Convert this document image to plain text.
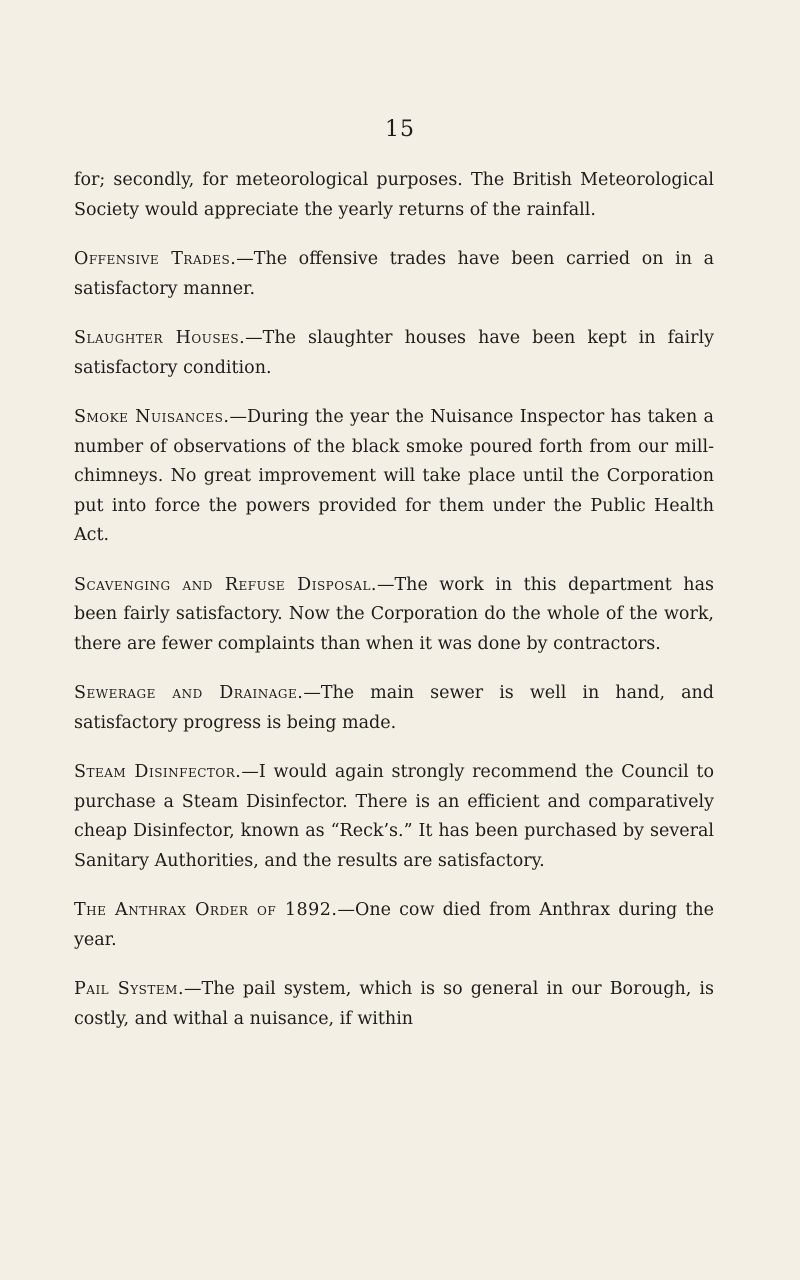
15

for; secondly, for meteorological purposes. The British Meteorological Society would appreciate the yearly returns of the rainfall.

Offensive Trades.—The offensive trades have been carried on in a satisfactory manner.

Slaughter Houses.—The slaughter houses have been kept in fairly satisfactory condition.

Smoke Nuisances.—During the year the Nuisance Inspector has taken a number of observations of the black smoke poured forth from our mill-chimneys. No great improvement will take place until the Corporation put into force the powers provided for them under the Public Health Act.

Scavenging and Refuse Disposal.—The work in this department has been fairly satisfactory. Now the Corporation do the whole of the work, there are fewer complaints than when it was done by contractors.

Sewerage and Drainage.—The main sewer is well in hand, and satisfactory progress is being made.

Steam Disinfector.—I would again strongly recommend the Council to purchase a Steam Disinfector. There is an efficient and comparatively cheap Disinfector, known as “Reck’s.” It has been purchased by several Sanitary Authorities, and the results are satisfactory.

The Anthrax Order of 1892.—One cow died from Anthrax during the year.

Pail System.—The pail system, which is so general in our Borough, is costly, and withal a nuisance, if within
